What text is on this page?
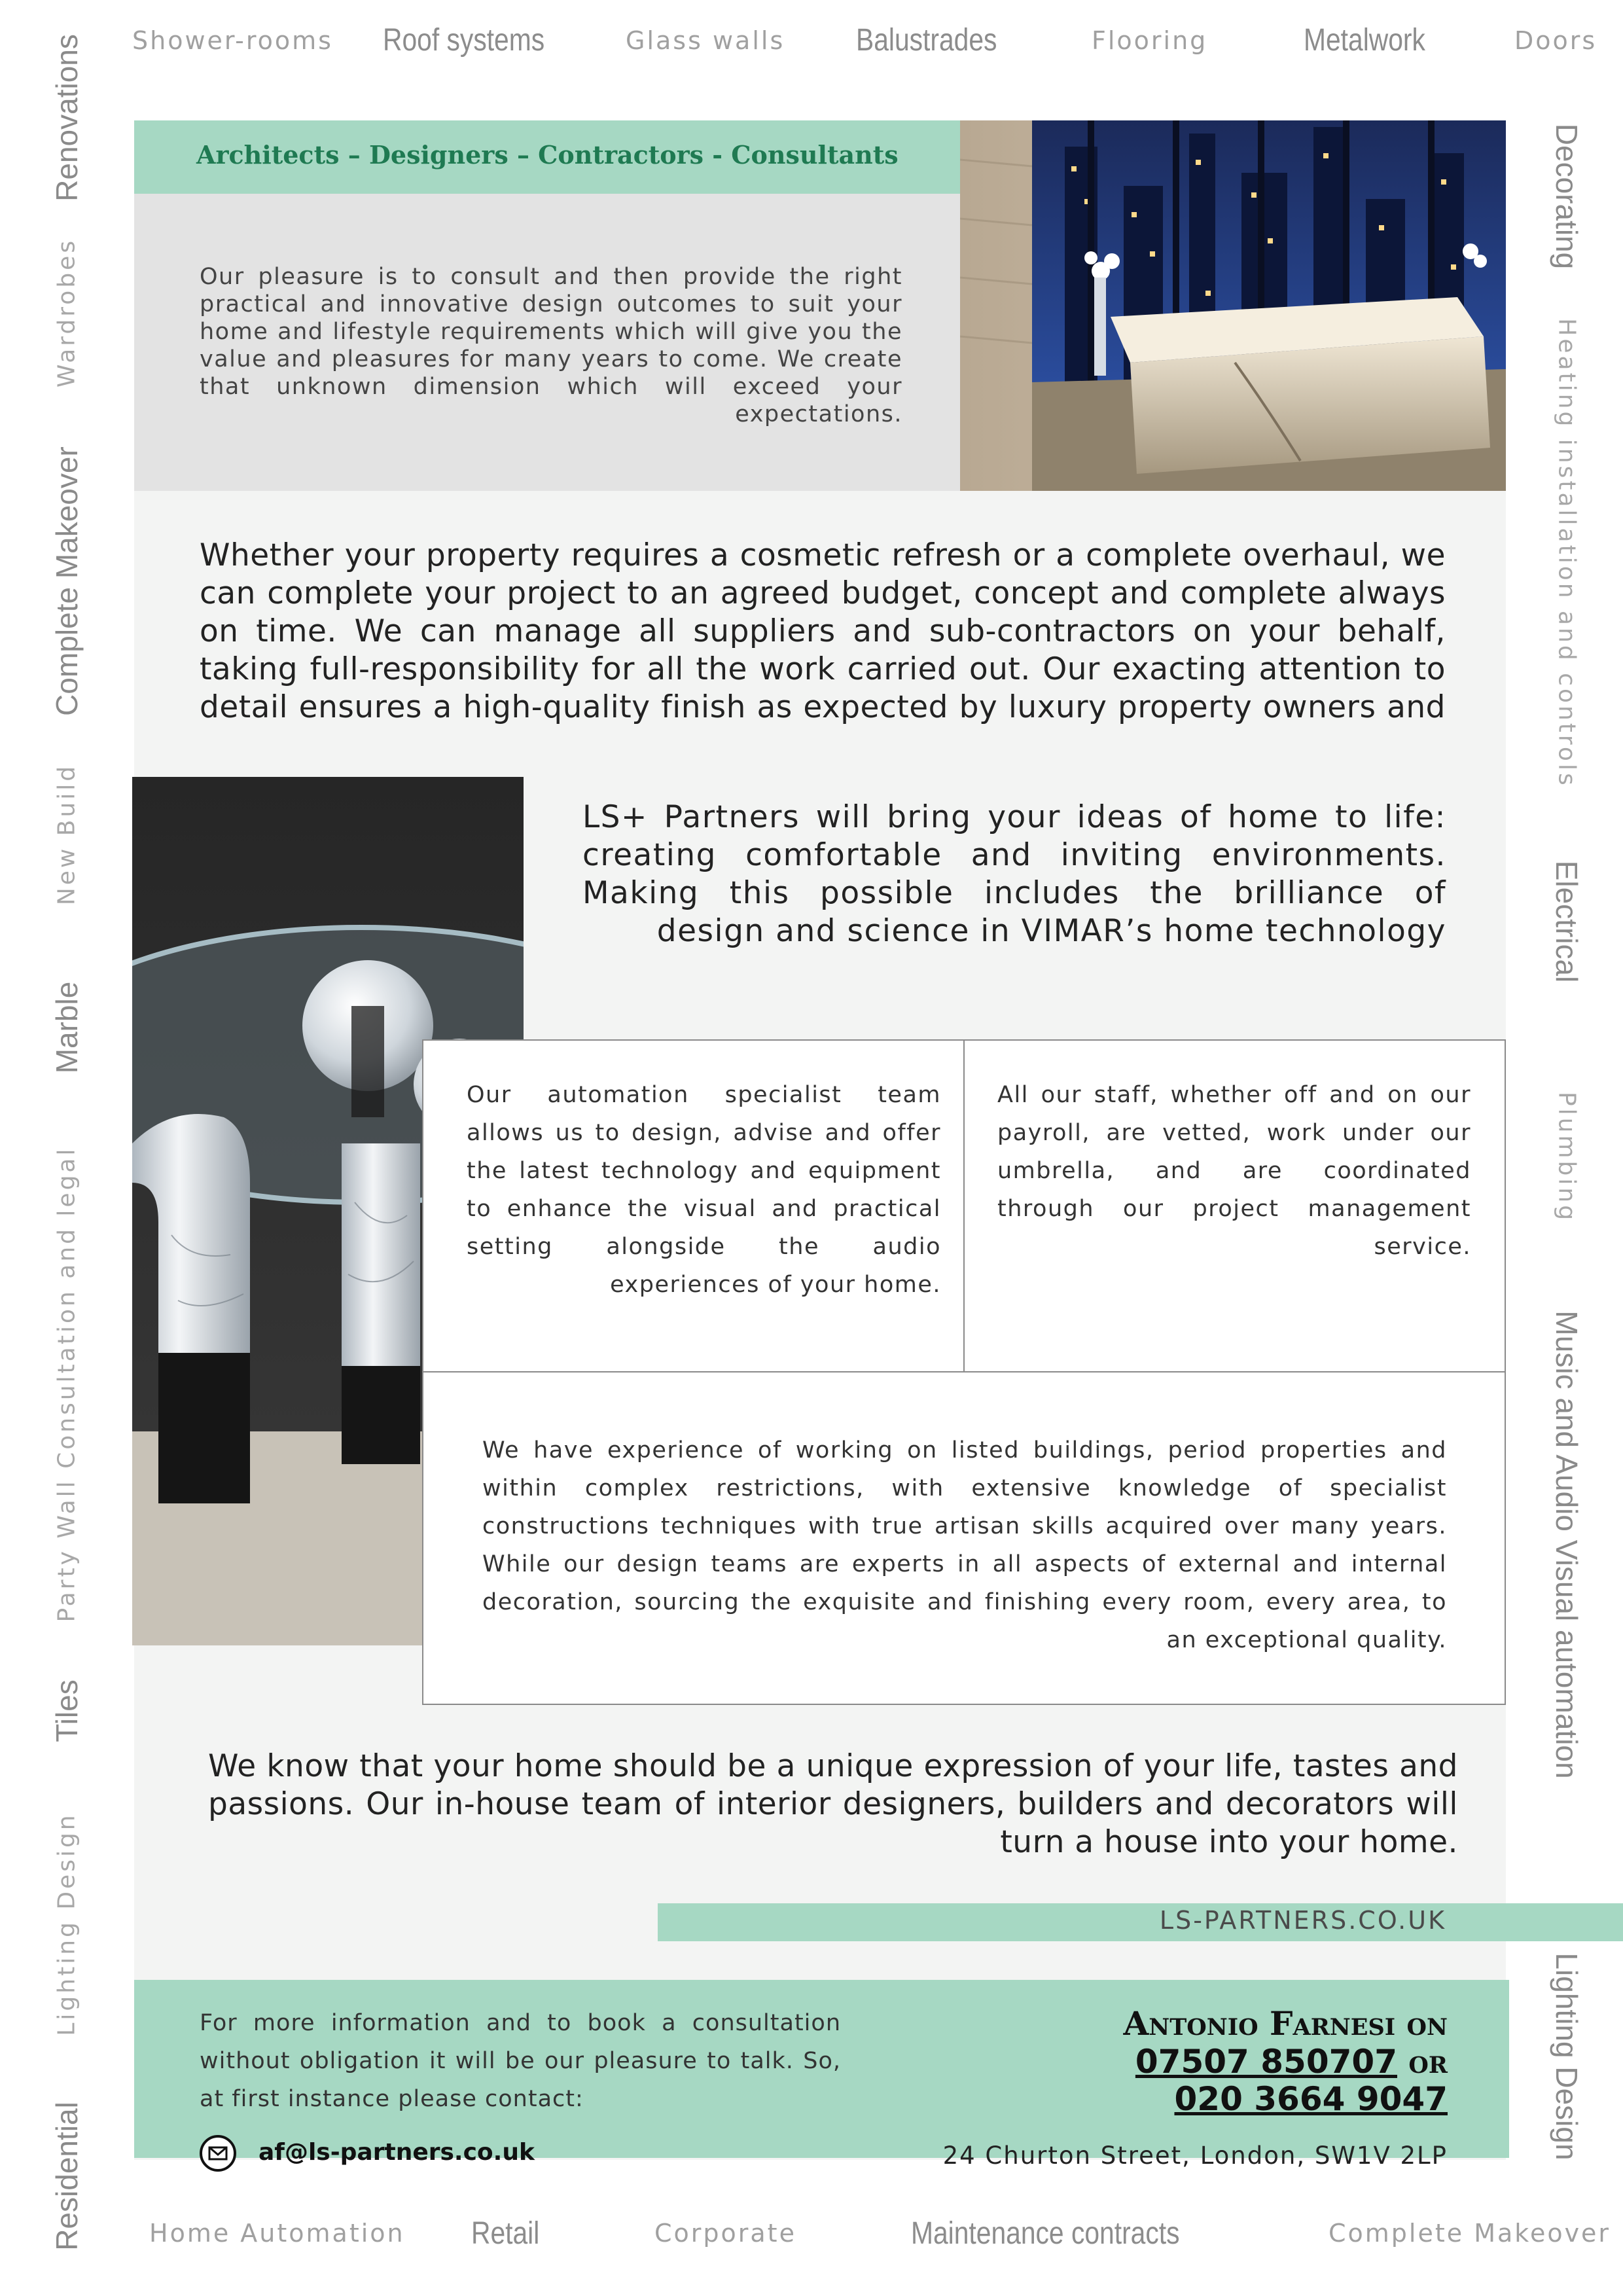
Shower-rooms Roof systems	Glass walls Balustrades	Flooring	Metalwork	Doors
Renovations
Wardrobes
Complete Makeover
New Build
Marble
Party Wall Consultation and legal
Tiles
Lighting Design
Residential
Decorating
Heating installation and controls
Electrical
Plumbing
Music and Audio Visual automation
Lighting Design
Architects – Designers – Contractors - Consultants
Our pleasure is to consult and then provide the right practical and innovative design outcomes to suit your home and lifestyle requirements which will give you the value and pleasures for many years to come. We create that unknown dimension which will exceed your expectations.
Whether your property requires a cosmetic refresh or a complete overhaul, we can complete your project to an agreed budget, concept and complete always on time. We can manage all suppliers and sub-contractors on your behalf, taking full-responsibility for all the work carried out. Our exacting attention to detail ensures a high-quality finish as expected by luxury property owners and
LS+ Partners will bring your ideas of home to life: creating comfortable and inviting environments. Making this possible includes the brilliance of design and science in VIMAR’s home technology
Our automation specialist team allows us to design, advise and offer the latest technology and equipment to enhance the visual and practical setting alongside the audio experiences of your home.
All our staff, whether off and on our payroll, are vetted, work under our umbrella, and are coordinated through our project management service.
We have experience of working on listed buildings, period properties and within complex restrictions, with extensive knowledge of specialist constructions techniques with true artisan skills acquired over many years. While our design teams are experts in all aspects of external and internal decoration, sourcing the exquisite and finishing every room, every area, to an exceptional quality.
We know that your home should be a unique expression of your life, tastes and passions. Our in-house team of interior designers, builders and decorators will turn a house into your home.
LS-PARTNERS.CO.UK
For more information and to book a consultation without obligation it will be our pleasure to talk. So, at first instance please contact:
Antonio Farnesi on
07507 850707 or
020 3664 9047
af@ls-partners.co.uk	24 Churton Street, London, SW1V 2LP
Home Automation Retail	Corporate	Maintenance contracts	Complete Makeover
